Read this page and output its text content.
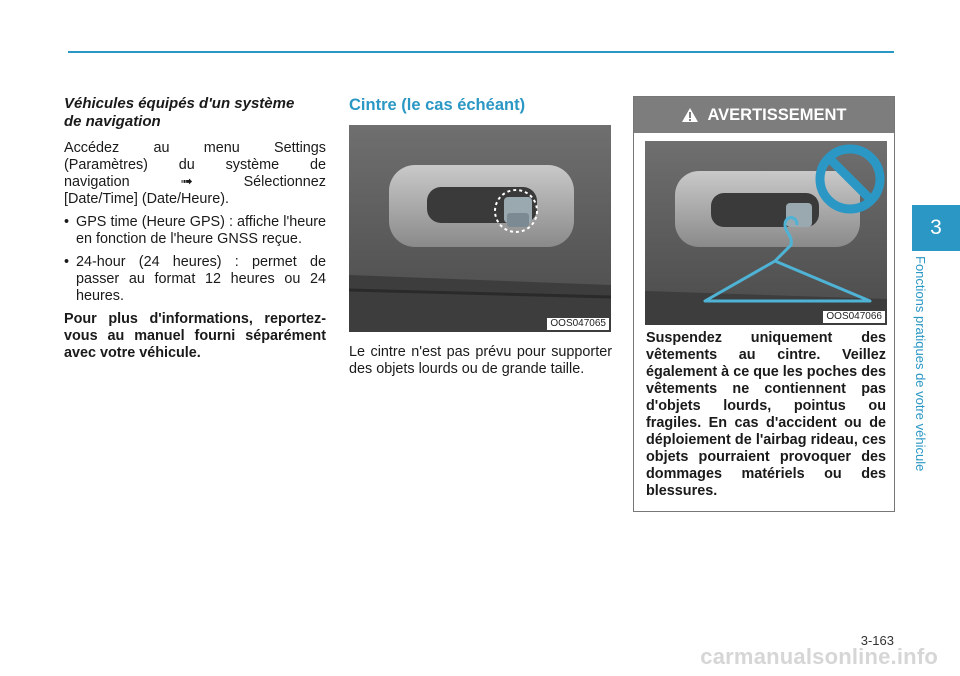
Véhicules équipés d'un système
de navigation
Accédez au menu Settings
(Paramètres) du système de
navigation ➟ Sélectionnez
[Date/Time] (Date/Heure).
• GPS time (Heure GPS) : affiche l'heure en fonction de l'heure GNSS reçue.
• 24-hour (24 heures) : permet de passer au format 12 heures ou 24 heures.
Pour plus d'informations, reportez-vous au manuel fourni séparément avec votre véhicule.
Cintre (le cas échéant)
OOS047065
Le cintre n'est pas prévu pour supporter des objets lourds ou de grande taille.
AVERTISSEMENT
OOS047066
Suspendez uniquement des vêtements au cintre. Veillez également à ce que les poches des vêtements ne contiennent pas d'objets lourds, pointus ou fragiles. En cas d'accident ou de déploiement de l'airbag rideau, ces objets pourraient provoquer des dommages matériels ou des blessures.
3
Fonctions pratiques de votre véhicule
3-163
carmanualsonline.info
